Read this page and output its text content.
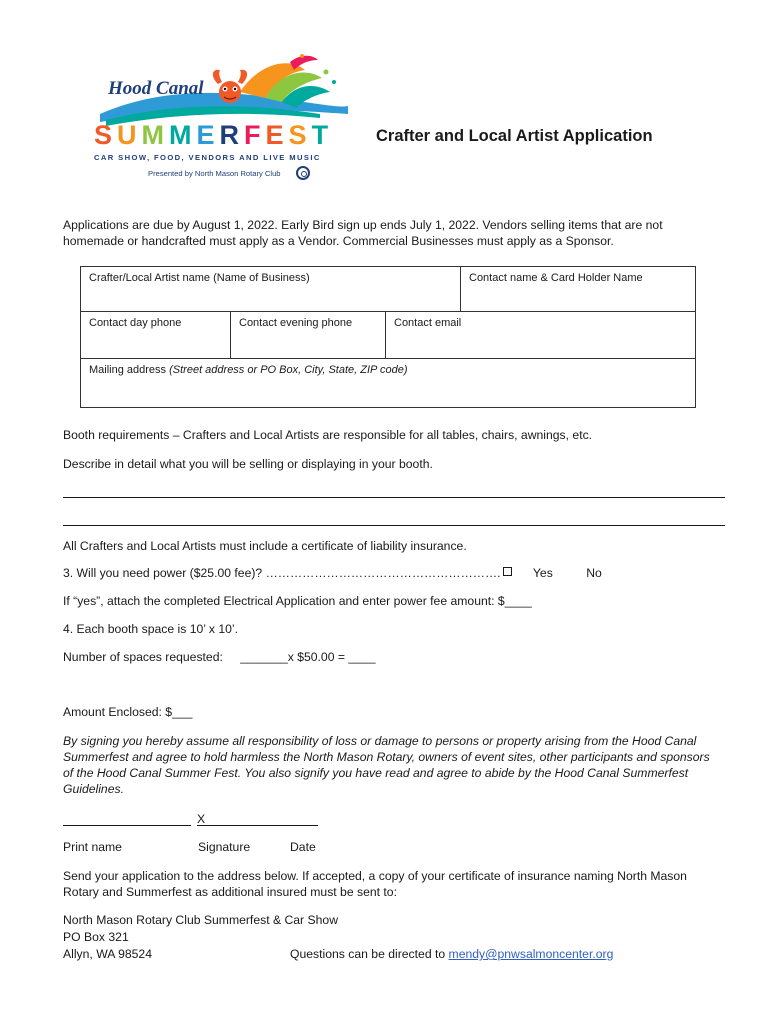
Hood Canal
SUMMERFEST
CAR SHOW, FOOD, VENDORS AND LIVE MUSIC
Presented by North Mason Rotary Club
Crafter and Local Artist Application
Applications are due by August 1, 2022. Early Bird sign up ends July 1, 2022. Vendors selling items that are not homemade or handcrafted must apply as a Vendor. Commercial Businesses must apply as a Sponsor.
Crafter/Local Artist name (Name of Business)	Contact name & Card Holder Name
Contact day phone	Contact evening phone	Contact email
Mailing address (Street address or PO Box, City, State, ZIP code)
Booth requirements – Crafters and Local Artists are responsible for all tables, chairs, awnings, etc.
Describe in detail what you will be selling or displaying in your booth.
All Crafters and Local Artists must include a certificate of liability insurance.
3. Will you need power ($25.00 fee)? ………………………………………………….	Yes	No
If “yes”, attach the completed Electrical Application and enter power fee amount: $____
4. Each booth space is 10’ x 10’.
Number of spaces requested: _______x $50.00 = ____
Amount Enclosed: $___
By signing you hereby assume all responsibility of loss or damage to persons or property arising from the Hood Canal Summerfest and agree to hold harmless the North Mason Rotary, owners of event sites, other participants and sponsors of the Hood Canal Summer Fest. You also signify you have read and agree to abide by the Hood Canal Summerfest Guidelines.
X
Print name	Signature	Date
Send your application to the address below. If accepted, a copy of your certificate of insurance naming North Mason Rotary and Summerfest as additional insured must be sent to:
North Mason Rotary Club Summerfest & Car Show
PO Box 321
Allyn, WA 98524	Questions can be directed to mendy@pnwsalmoncenter.org
